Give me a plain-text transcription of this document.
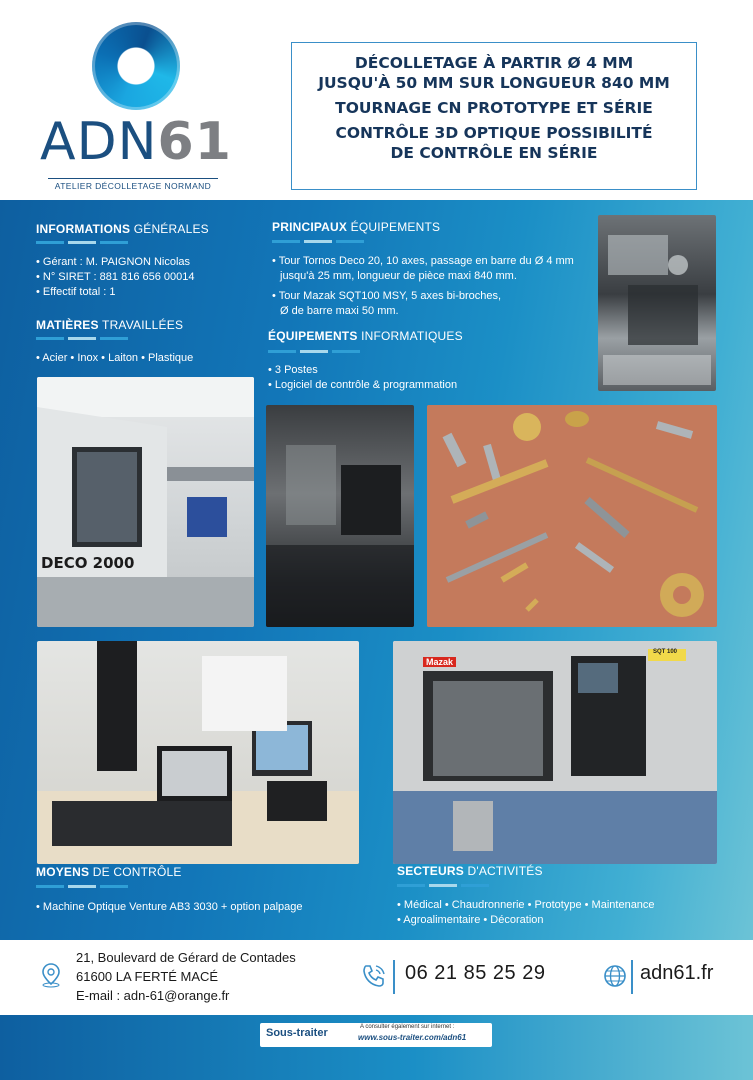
ADN61
ATELIER DÉCOLLETAGE NORMAND

DÉCOLLETAGE À PARTIR Ø 4 MM

JUSQU'À 50 MM SUR LONGUEUR 840 MM

TOURNAGE CN PROTOTYPE ET SÉRIE

CONTRÔLE 3D OPTIQUE POSSIBILITÉ

DE CONTRÔLE EN SÉRIE

INFORMATIONS GÉNÉRALES
• Gérant : M. PAIGNON Nicolas
• N° SIRET : 881 816 656 00014
• Effectif total : 1
MATIÈRES TRAVAILLÉES
• Acier • Inox • Laiton • Plastique
PRINCIPAUX ÉQUIPEMENTS
• Tour Tornos Deco 20, 10 axes, passage en barre du Ø 4 mm
jusqu'à 25 mm, longueur de pièce maxi 840 mm.
• Tour Mazak SQT100 MSY, 5 axes bi-broches,
Ø de barre maxi 50 mm.
ÉQUIPEMENTS INFORMATIQUES
• 3 Postes
• Logiciel de contrôle & programmation
DECO 2000
Mazak
SQT 100
MOYENS DE CONTRÔLE
• Machine Optique Venture AB3 3030 + option palpage
SECTEURS D'ACTIVITÉS
• Médical • Chaudronnerie • Prototype • Maintenance
• Agroalimentaire • Décoration
21, Boulevard de Gérard de Contades
61600 LA FERTÉ MACÉ
E-mail : adn-61@orange.fr
06 21 85 25 29	adn61.fr
Sous-traiter	A consulter également sur internet :
www.sous-traiter.com/adn61
